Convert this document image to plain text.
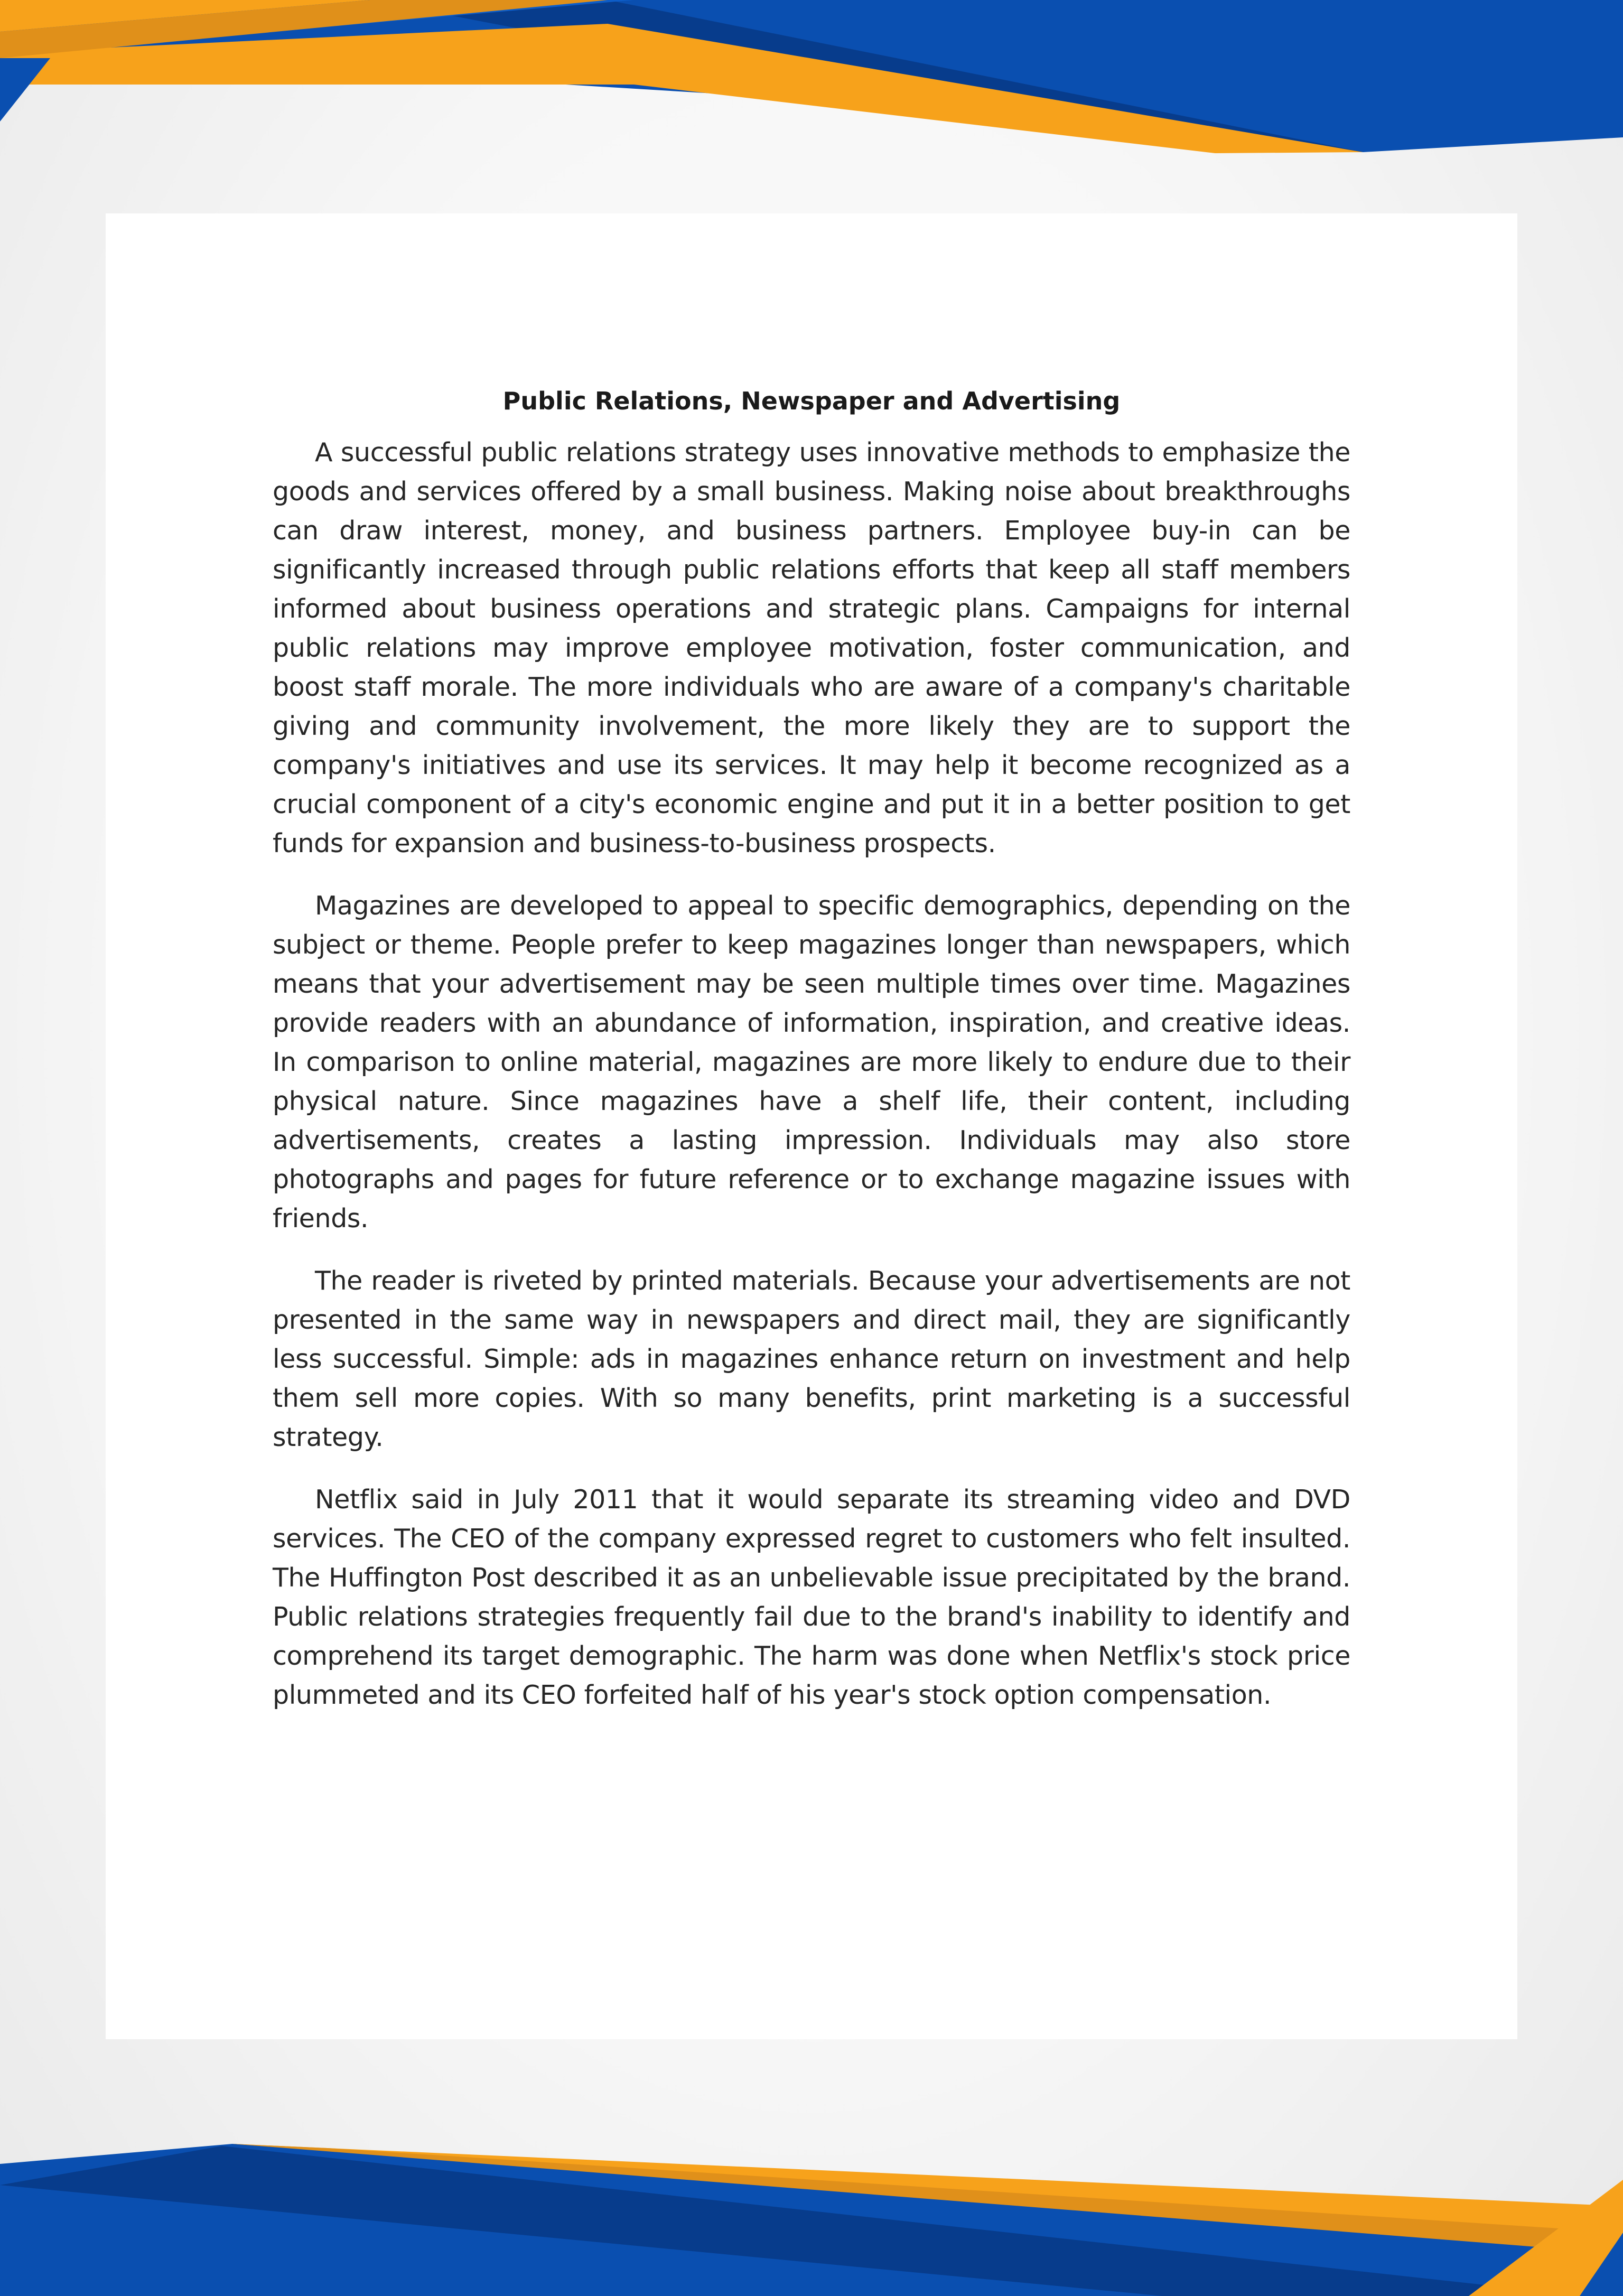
Public Relations, Newspaper and Advertising

A successful public relations strategy uses innovative methods to emphasize the goods and services offered by a small business. Making noise about breakthroughs can draw interest, money, and business partners. Employee buy-in can be significantly increased through public relations efforts that keep all staff members informed about business operations and strategic plans. Campaigns for internal public relations may improve employee motivation, foster communication, and boost staff morale. The more individuals who are aware of a company's charitable giving and community involvement, the more likely they are to support the company's initiatives and use its services. It may help it become recognized as a crucial component of a city's economic engine and put it in a better position to get funds for expansion and business-to-business prospects.

Magazines are developed to appeal to specific demographics, depending on the subject or theme. People prefer to keep magazines longer than newspapers, which means that your advertisement may be seen multiple times over time. Magazines provide readers with an abundance of information, inspiration, and creative ideas. In comparison to online material, magazines are more likely to endure due to their physical nature. Since magazines have a shelf life, their content, including advertisements, creates a lasting impression. Individuals may also store photographs and pages for future reference or to exchange magazine issues with friends.

The reader is riveted by printed materials. Because your advertisements are not presented in the same way in newspapers and direct mail, they are significantly less successful. Simple: ads in magazines enhance return on investment and help them sell more copies. With so many benefits, print marketing is a successful strategy.

Netflix said in July 2011 that it would separate its streaming video and DVD services. The CEO of the company expressed regret to customers who felt insulted. The Huffington Post described it as an unbelievable issue precipitated by the brand. Public relations strategies frequently fail due to the brand's inability to identify and comprehend its target demographic. The harm was done when Netflix's stock price plummeted and its CEO forfeited half of his year's stock option compensation.
